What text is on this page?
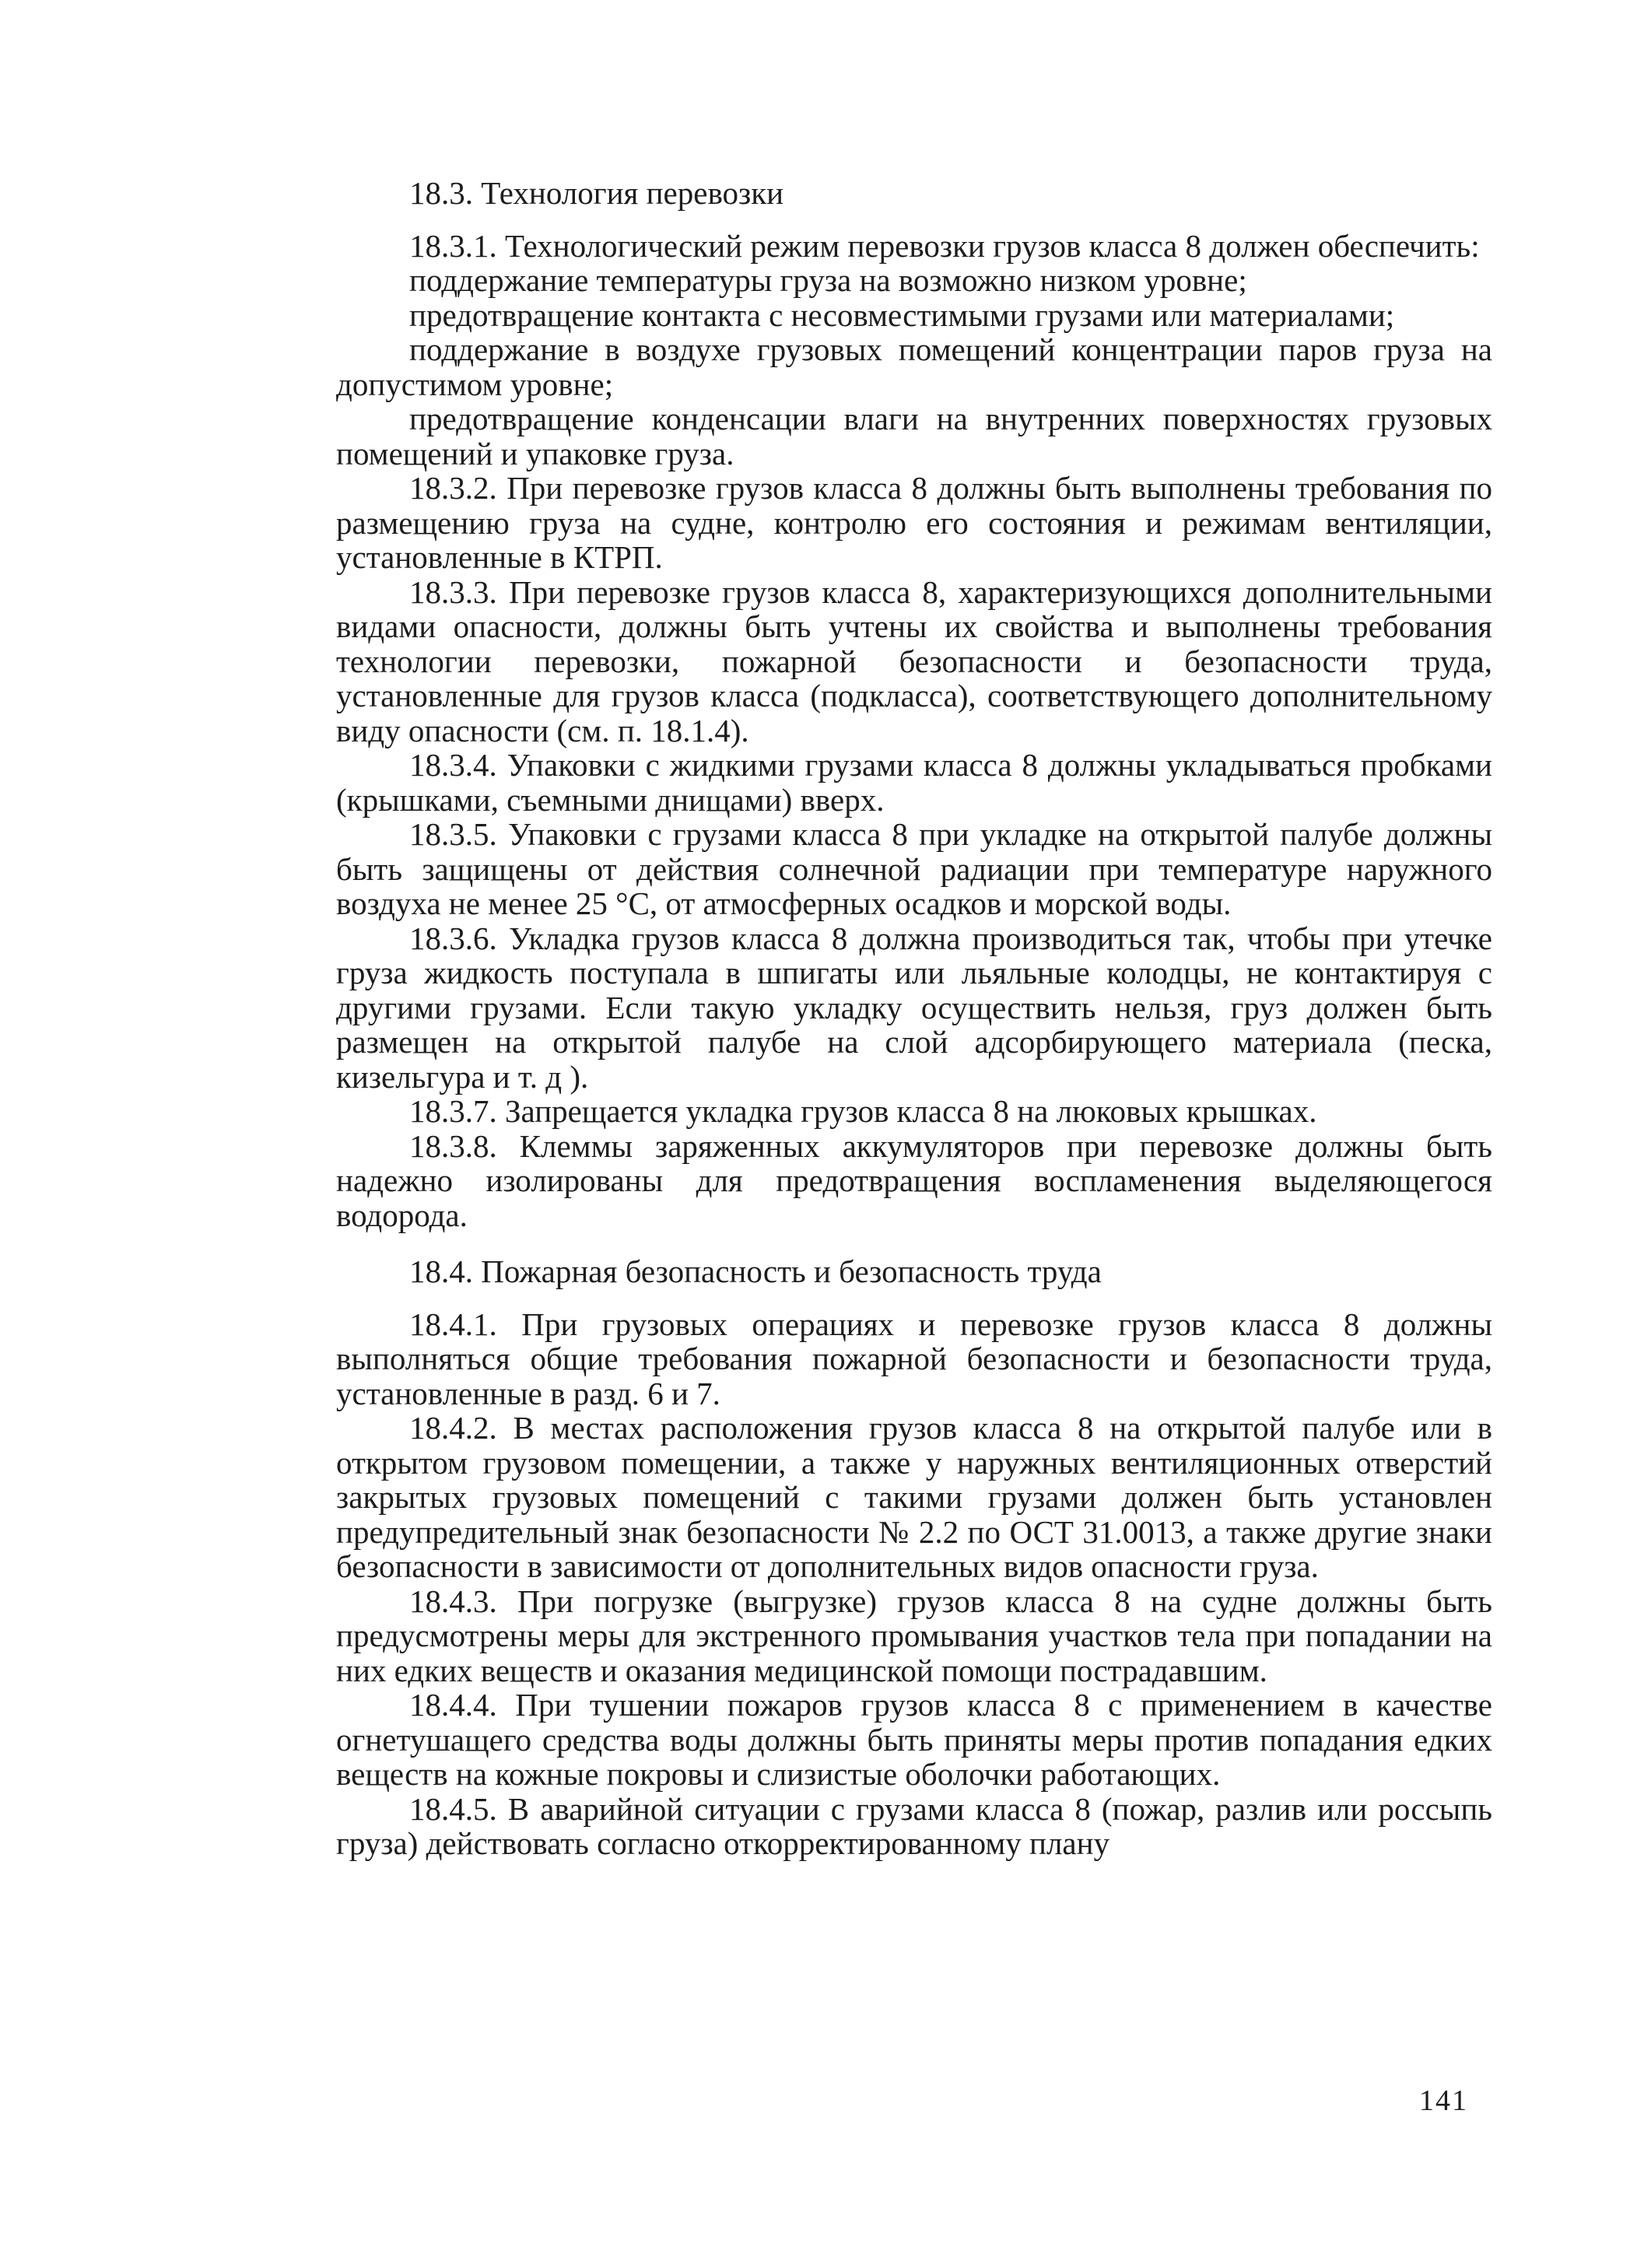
18.3. Технология перевозки

18.3.1. Технологический режим перевозки грузов класса 8 должен обеспечить:

поддержание температуры груза на возможно низком уровне;

предотвращение контакта с несовместимыми грузами или материалами;

поддержание в воздухе грузовых помещений концентрации паров груза на допустимом уровне;

предотвращение конденсации влаги на внутренних поверхностях грузовых помещений и упаковке груза.

18.3.2. При перевозке грузов класса 8 должны быть выполнены требования по размещению груза на судне, контролю его состояния и режимам вентиляции, установленные в КТРП.

18.3.3. При перевозке грузов класса 8, характеризующихся дополнительными видами опасности, должны быть учтены их свойства и выполнены требования технологии перевозки, пожарной безопасности и безопасности труда, установленные для грузов класса (подкласса), соответствующего дополнительному виду опасности (см. п. 18.1.4).

18.3.4. Упаковки с жидкими грузами класса 8 должны укладываться пробками (крышками, съемными днищами) вверх.

18.3.5. Упаковки с грузами класса 8 при укладке на открытой палубе должны быть защищены от действия солнечной радиации при температуре наружного воздуха не менее 25 °С, от атмосферных осадков и морской воды.

18.3.6. Укладка грузов класса 8 должна производиться так, чтобы при утечке груза жидкость поступала в шпигаты или льяльные колодцы, не контактируя с другими грузами. Если такую укладку осуществить нельзя, груз должен быть размещен на открытой палубе на слой адсорбирующего материала (песка, кизельгура и т. д ).

18.3.7. Запрещается укладка грузов класса 8 на люковых крышках.

18.3.8. Клеммы заряженных аккумуляторов при перевозке должны быть надежно изолированы для предотвращения воспламенения выделяющегося водорода.

18.4. Пожарная безопасность и безопасность труда

18.4.1. При грузовых операциях и перевозке грузов класса 8 должны выполняться общие требования пожарной безопасности и безопасности труда, установленные в разд. 6 и 7.

18.4.2. В местах расположения грузов класса 8 на открытой палубе или в открытом грузовом помещении, а также у наружных вентиляционных отверстий закрытых грузовых помещений с такими грузами должен быть установлен предупредительный знак безопасности № 2.2 по ОСТ 31.0013, а также другие знаки безопасности в зависимости от дополнительных видов опасности груза.

18.4.3. При погрузке (выгрузке) грузов класса 8 на судне должны быть предусмотрены меры для экстренного промывания участков тела при попадании на них едких веществ и оказания медицинской помощи пострадавшим.

18.4.4. При тушении пожаров грузов класса 8 с применением в качестве огнетушащего средства воды должны быть приняты меры против попадания едких веществ на кожные покровы и слизистые оболочки работающих.

18.4.5. В аварийной ситуации с грузами класса 8 (пожар, разлив или россыпь груза) действовать согласно откорректированному плану

141
